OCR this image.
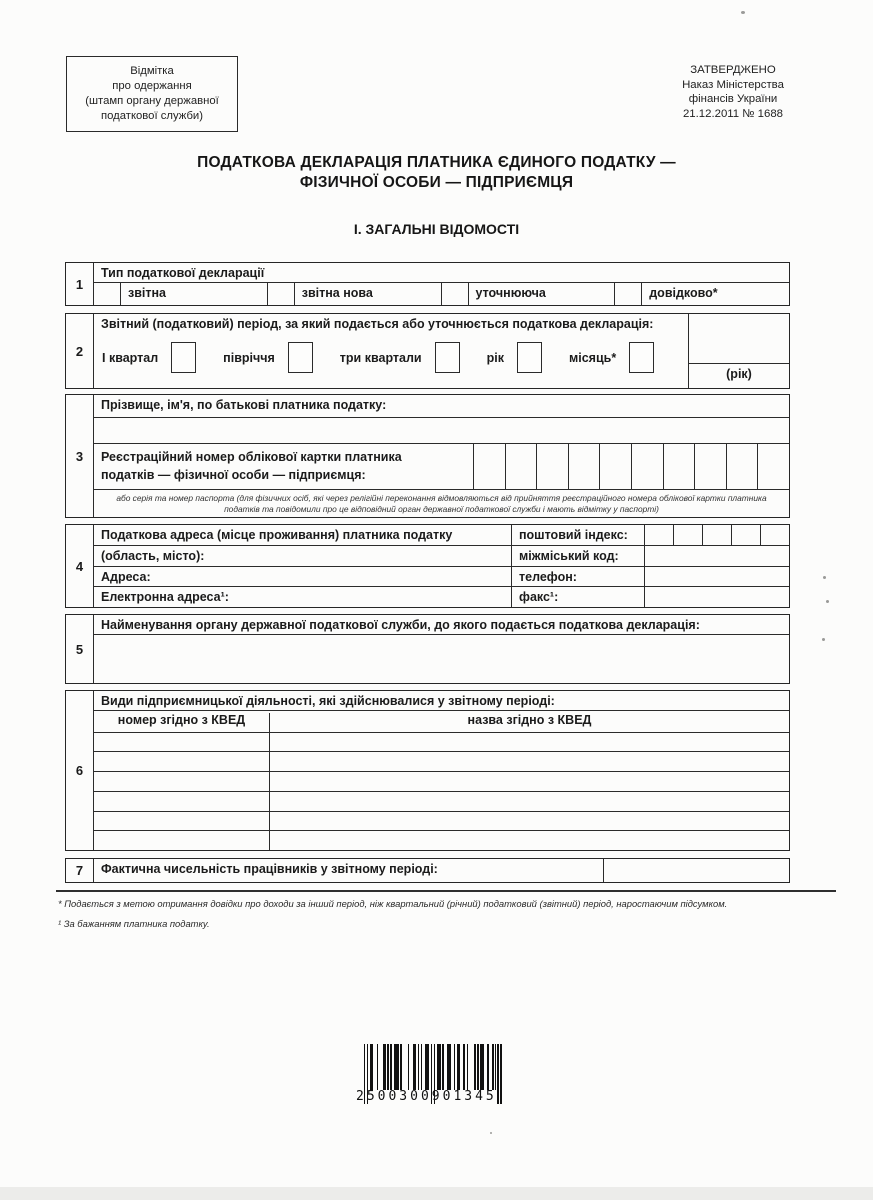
Відмітка
про одержання
(штамп органу державної
податкової служби)
ЗАТВЕРДЖЕНО
Наказ Міністерства
фінансів України
21.12.2011 № 1688
ПОДАТКОВА ДЕКЛАРАЦІЯ ПЛАТНИКА ЄДИНОГО ПОДАТКУ —
ФІЗИЧНОЇ ОСОБИ — ПІДПРИЄМЦЯ
І. ЗАГАЛЬНІ ВІДОМОСТІ
1
Тип податкової декларації
звітна	звітна нова	уточнююча	довідково*
2
Звітний (податковий) період, за який подається або уточнюється податкова декларація:
І квартал	півріччя	три квартали	рік	місяць*
(рік)
3
Прізвище, ім'я, по батькові платника податку:
Реєстраційний номер облікової картки платника
податків — фізичної особи — підприємця:
або серія та номер паспорта (для фізичних осіб, які через релігійні переконання відмовляються від прийняття реєстраційного номера облікової картки платника податків та повідомили про це відповідний орган державної податкової служби і мають відмітку у паспорті)
4
Податкова адреса (місце проживання) платника податку	поштовий індекс:
(область, місто):	міжміський код:
Адреса:	телефон:
Електронна адреса¹:	факс¹:
5
Найменування органу державної податкової служби, до якого подається податкова декларація:
6
Види підприємницької діяльності, які здійснювалися у звітному періоді:
номер згідно з КВЕД	назва згідно з КВЕД
7	Фактична чисельність працівників у звітному періоді:
* Подається з метою отримання довідки про доходи за інший період, ніж квартальний (річний) податковий (звітний) період, наростаючим підсумком.
¹ За бажанням платника податку.
2500300901345
